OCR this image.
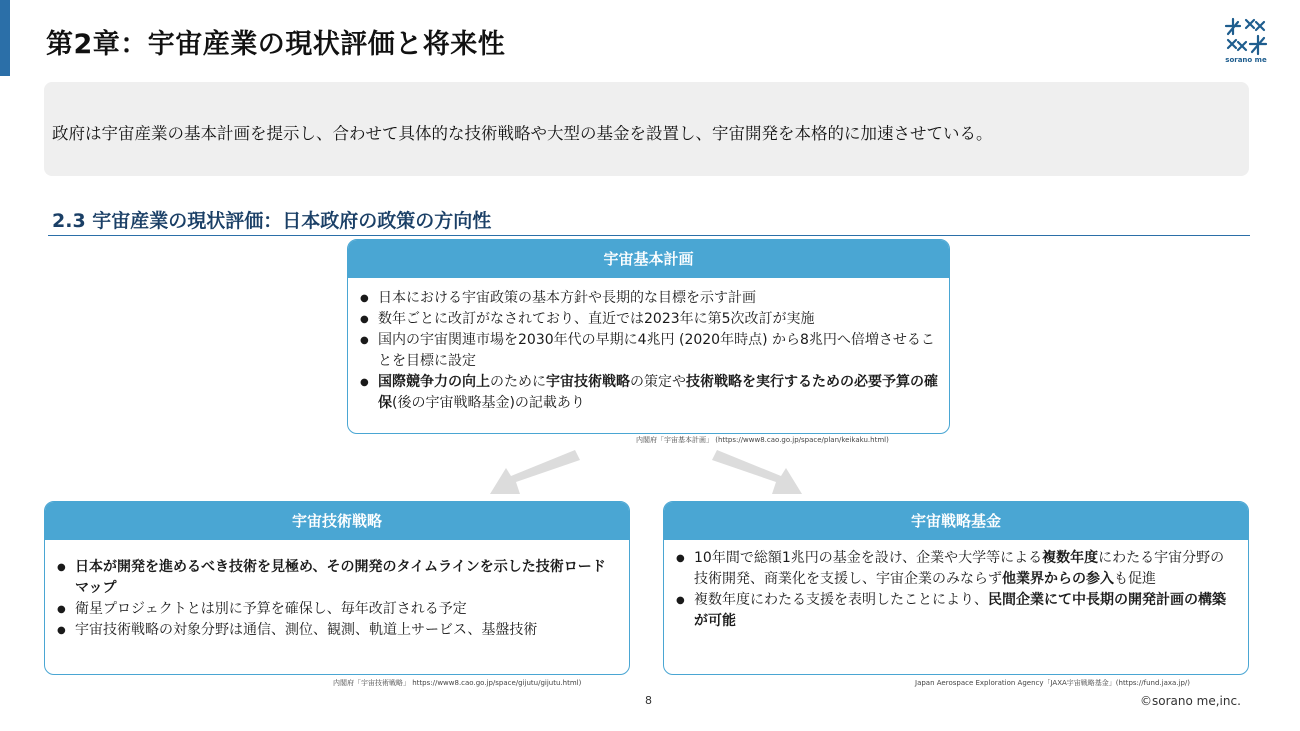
第2章：宇宙産業の現状評価と将来性	sorano me
政府は宇宙産業の基本計画を提示し、合わせて具体的な技術戦略や大型の基金を設置し、宇宙開発を本格的に加速させている。
2.3 宇宙産業の現状評価：日本政府の政策の方向性
宇宙基本計画
● 日本における宇宙政策の基本方針や長期的な目標を示す計画
● 数年ごとに改訂がなされており、直近では2023年に第5次改訂が実施
● 国内の宇宙関連市場を2030年代の早期に4兆円 (2020年時点) から8兆円へ倍増させることを目標に設定
● 国際競争力の向上のために宇宙技術戦略の策定や技術戦略を実行するための必要予算の確保(後の宇宙戦略基金)の記載あり
内閣府「宇宙基本計画」 (https://www8.cao.go.jp/space/plan/keikaku.html)
宇宙技術戦略
● 日本が開発を進めるべき技術を見極め、その開発のタイムラインを示した技術ロードマップ
● 衛星プロジェクトとは別に予算を確保し、毎年改訂される予定
● 宇宙技術戦略の対象分野は通信、測位、観測、軌道上サービス、基盤技術
内閣府「宇宙技術戦略」 https://www8.cao.go.jp/space/gijutu/gijutu.html)
宇宙戦略基金
● 10年間で総額1兆円の基金を設け、企業や大学等による複数年度にわたる宇宙分野の技術開発、商業化を支援し、宇宙企業のみならず他業界からの参入も促進
● 複数年度にわたる支援を表明したことにより、民間企業にて中長期の開発計画の構築が可能
Japan Aerospace Exploration Agency「JAXA宇宙戦略基金」(https://fund.jaxa.jp/)
8	©sorano me,inc.
